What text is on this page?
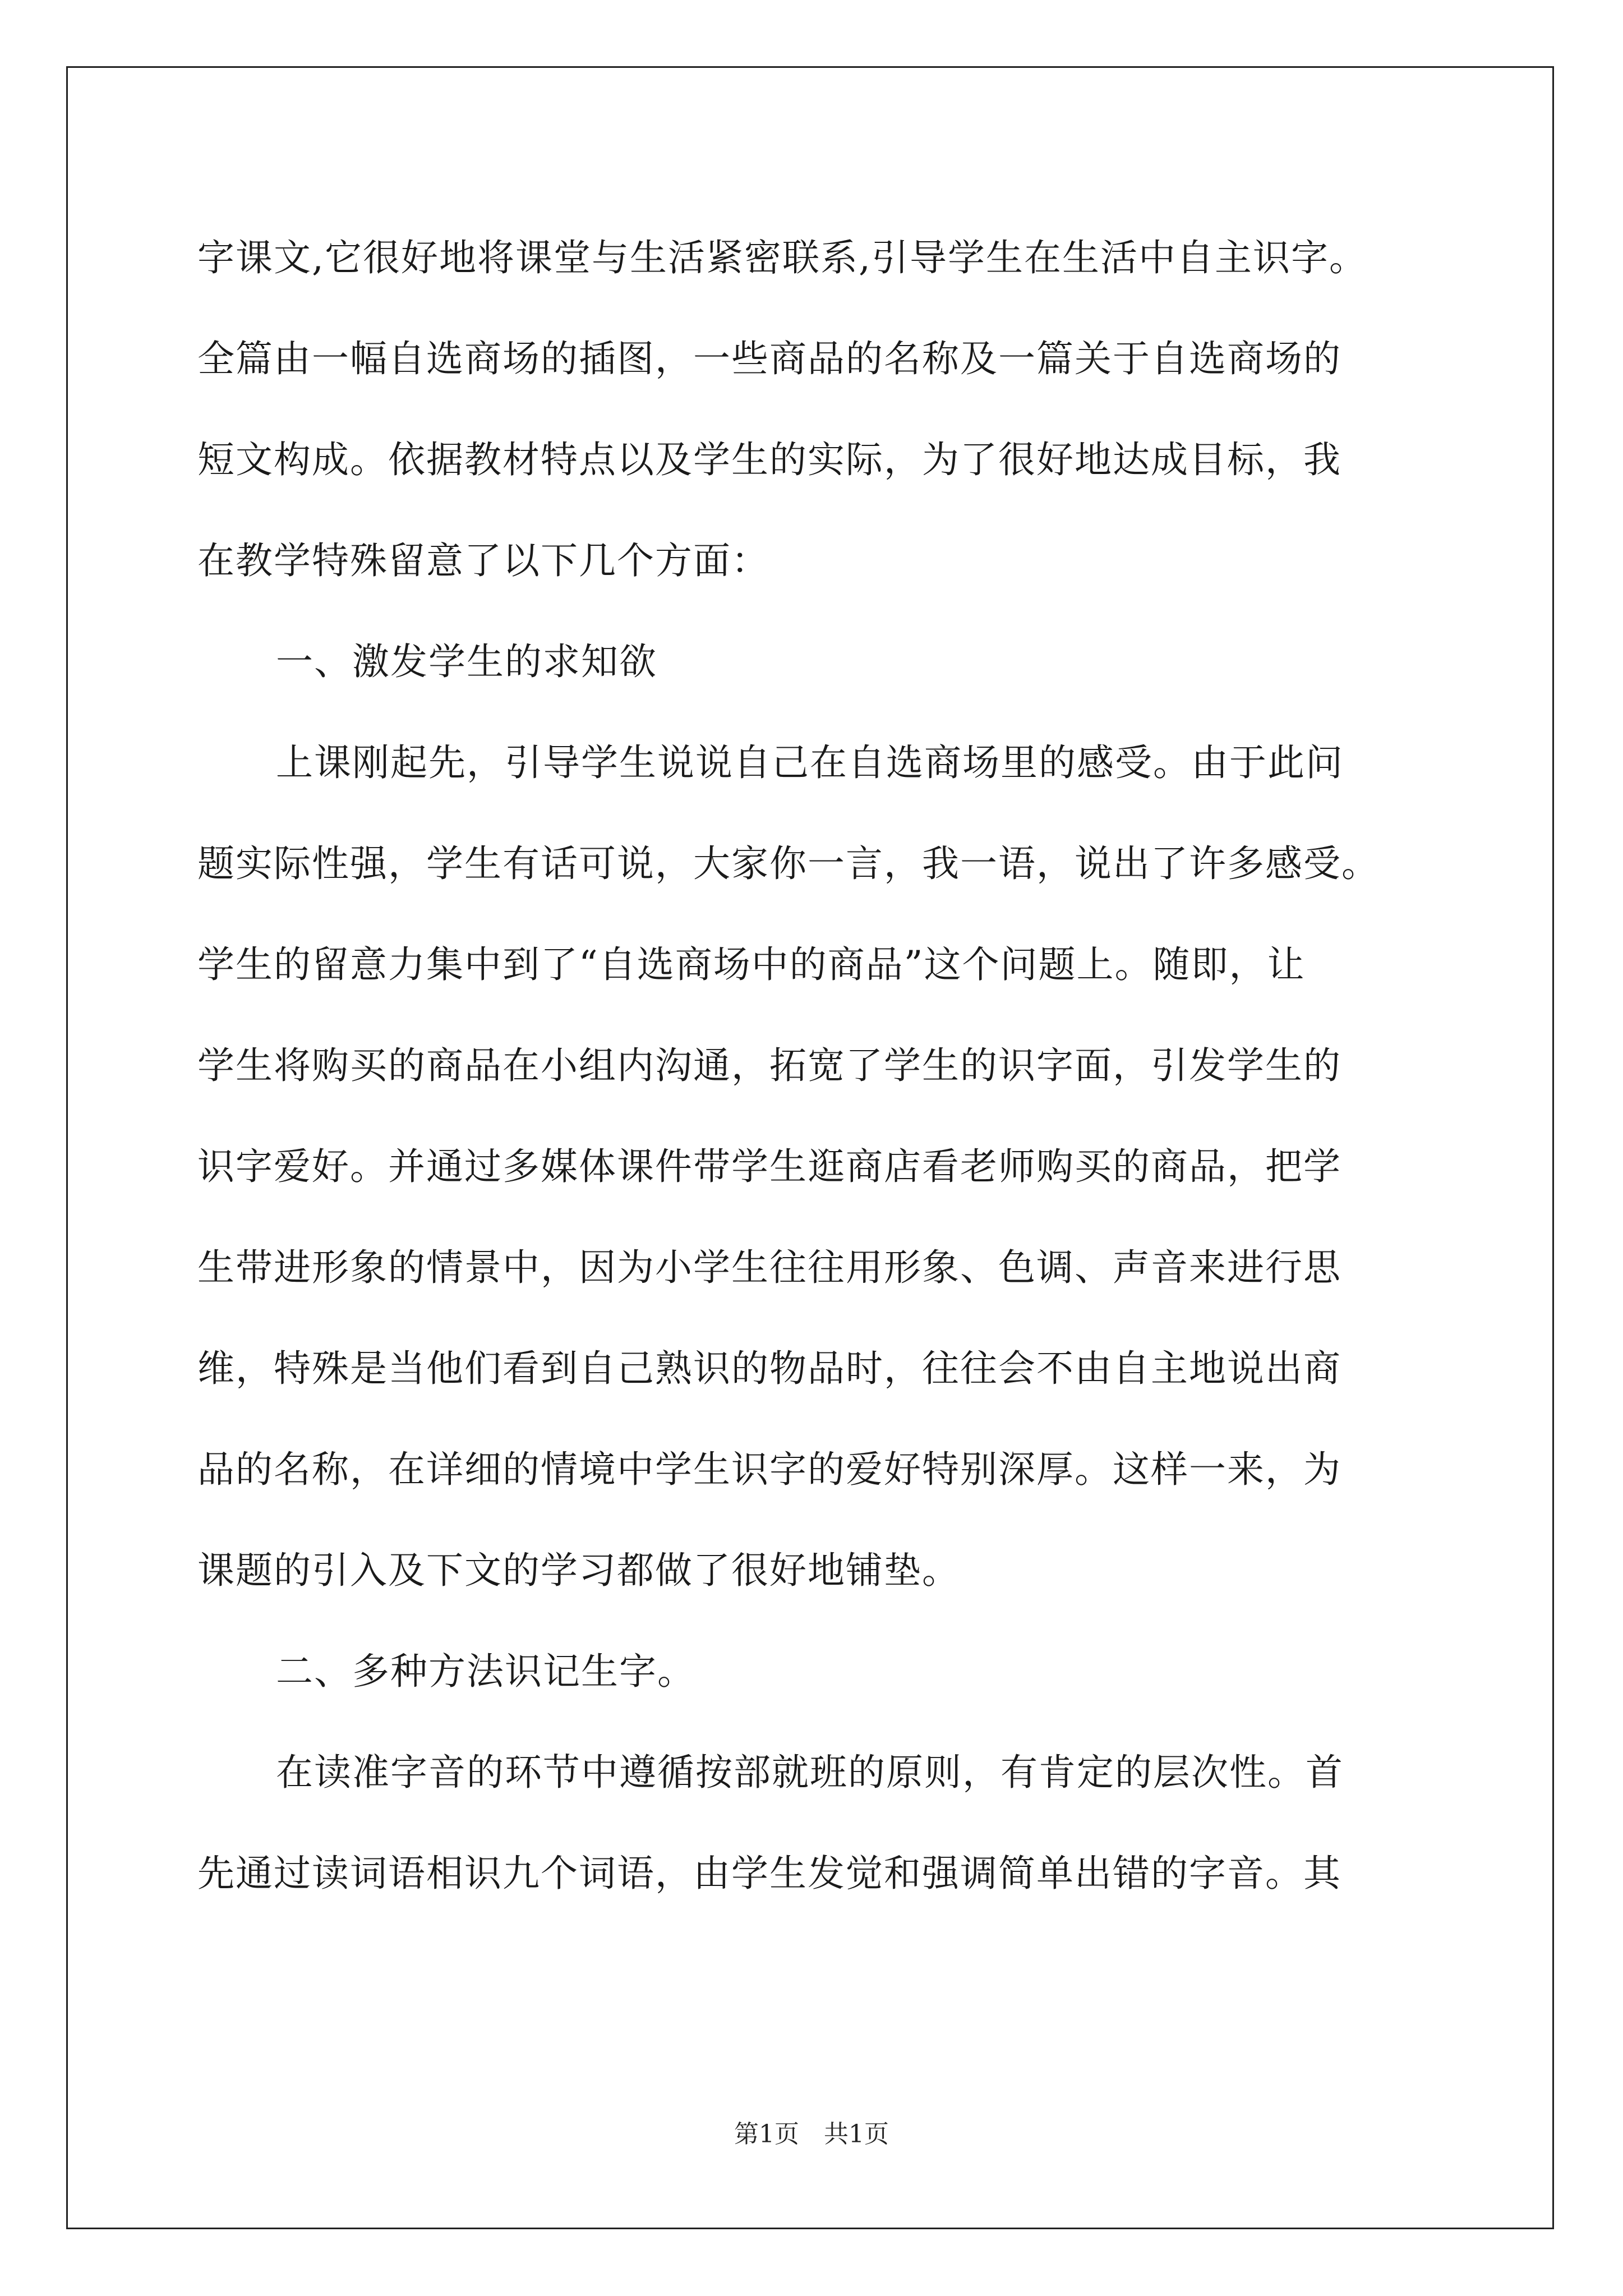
字课文,它很好地将课堂与生活紧密联系,引导学生在生活中自主识字。
全篇由一幅自选商场的插图，一些商品的名称及一篇关于自选商场的
短文构成。依据教材特点以及学生的实际，为了很好地达成目标，我
在教学特殊留意了以下几个方面：
一、激发学生的求知欲
上课刚起先，引导学生说说自己在自选商场里的感受。由于此问
题实际性强，学生有话可说，大家你一言，我一语，说出了许多感受。
学生的留意力集中到了“自选商场中的商品”这个问题上。随即，让
学生将购买的商品在小组内沟通，拓宽了学生的识字面，引发学生的
识字爱好。并通过多媒体课件带学生逛商店看老师购买的商品，把学
生带进形象的情景中，因为小学生往往用形象、色调、声音来进行思
维，特殊是当他们看到自己熟识的物品时，往往会不由自主地说出商
品的名称，在详细的情境中学生识字的爱好特别深厚。这样一来，为
课题的引入及下文的学习都做了很好地铺垫。
二、多种方法识记生字。
在读准字音的环节中遵循按部就班的原则，有肯定的层次性。首
先通过读词语相识九个词语，由学生发觉和强调简单出错的字音。其
第1页 共1页
